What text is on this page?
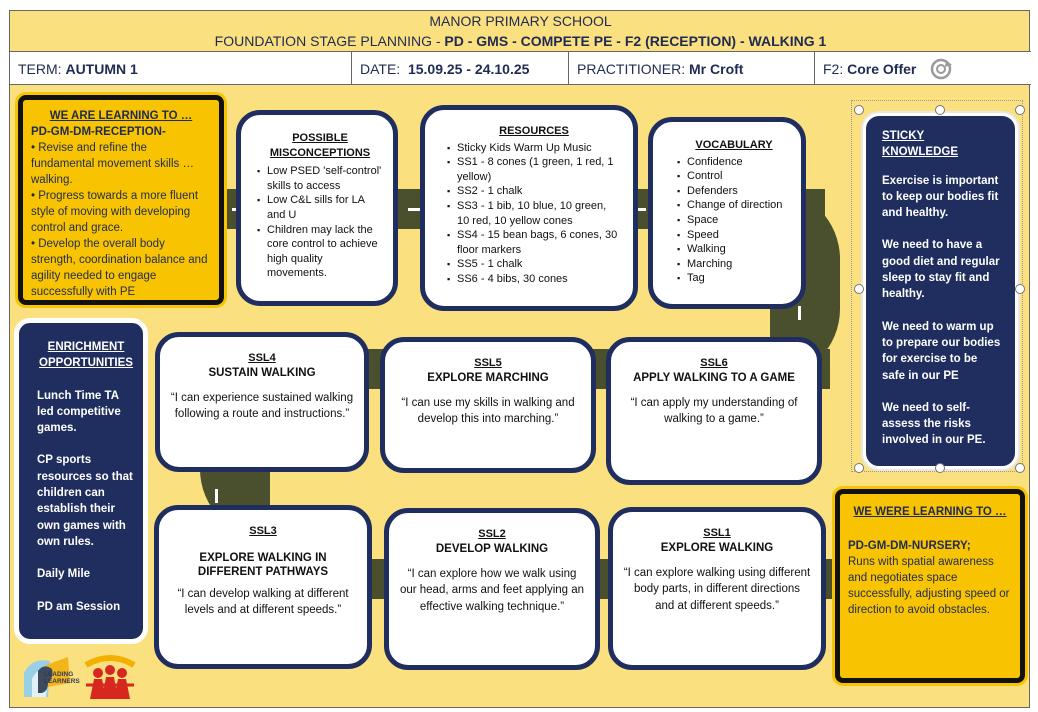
MANOR PRIMARY SCHOOL
FOUNDATION STAGE PLANNING - PD - GMS - COMPETE PE - F2 (RECEPTION) - WALKING 1
TERM: AUTUMN 1	DATE:  15.09.25 - 24.10.25	PRACTITIONER: Mr Croft	F2: Core Offer
WE ARE LEARNING TO …
PD-GM-DM-RECEPTION-
• Revise and refine the fundamental movement skills … walking.
• Progress towards a more fluent style of moving with developing control and grace.
• Develop the overall body strength, coordination balance and agility needed to engage successfully with PE
POSSIBLE
MISCONCEPTIONS
▪ Low PSED 'self-control' skills to access
▪ Low C&L sills for LA and U
▪ Children may lack the core control to achieve high quality movements.
RESOURCES
▪ Sticky Kids Warm Up Music
▪ SS1 - 8 cones (1 green, 1 red, 1 yellow)
▪ SS2 - 1 chalk
▪ SS3 - 1 bib, 10 blue, 10 green, 10 red, 10 yellow cones
▪ SS4 - 15 bean bags, 6 cones, 30 floor markers
▪ SS5 - 1 chalk
▪ SS6 - 4 bibs, 30 cones
VOCABULARY
▪ Confidence
▪ Control
▪ Defenders
▪ Change of direction
▪ Space
▪ Speed
▪ Walking
▪ Marching
▪ Tag
STICKY KNOWLEDGE
Exercise is important to keep our bodies fit and healthy.
We need to have a good diet and regular sleep to stay fit and healthy.
We need to warm up to prepare our bodies for exercise to be safe in our PE
We need to self-assess the risks involved in our PE.
ENRICHMENT OPPORTUNITIES
Lunch Time TA led competitive games.
CP sports resources so that children can establish their own games with own rules.
Daily Mile
PD am Session
SSL4
SUSTAIN WALKING
“I can experience sustained walking following a route and instructions.”
SSL5
EXPLORE MARCHING
“I can use my skills in walking and develop this into marching.”
SSL6
APPLY WALKING TO A GAME
“I can apply my understanding of walking to a game.”
SSL3
EXPLORE WALKING IN DIFFERENT PATHWAYS
“I can develop walking at different levels and at different speeds.”
SSL2
DEVELOP WALKING
“I can explore how we walk using our head, arms and feet applying an effective walking technique.”
SSL1
EXPLORE WALKING
“I can explore walking using different body parts, in different directions and at different speeds.”
WE WERE LEARNING TO …
PD-GM-DM-NURSERY;
Runs with spatial awareness and negotiates space successfully, adjusting speed or direction to avoid obstacles.
LEADING
LEARNERS
